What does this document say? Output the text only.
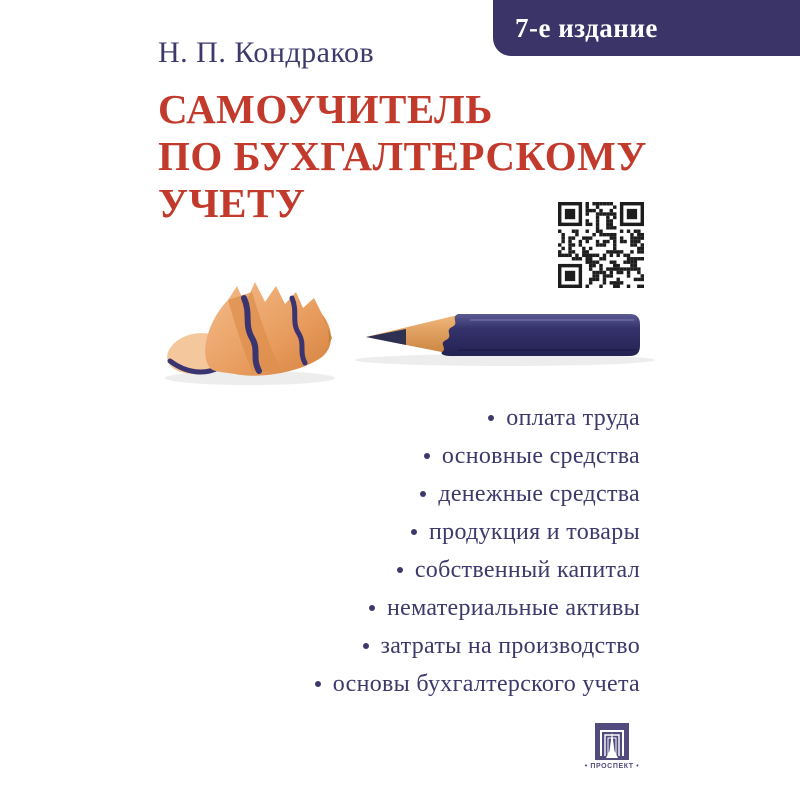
7-е издание
Н. П. Кондраков
САМОУЧИТЕЛЬ
ПО БУХГАЛТЕРСКОМУ
УЧЕТУ
оплата труда
основные средства
денежные средства
продукция и товары
собственный капитал
нематериальные активы
затраты на производство
основы бухгалтерского учета
• ПРОСПЕКТ •
